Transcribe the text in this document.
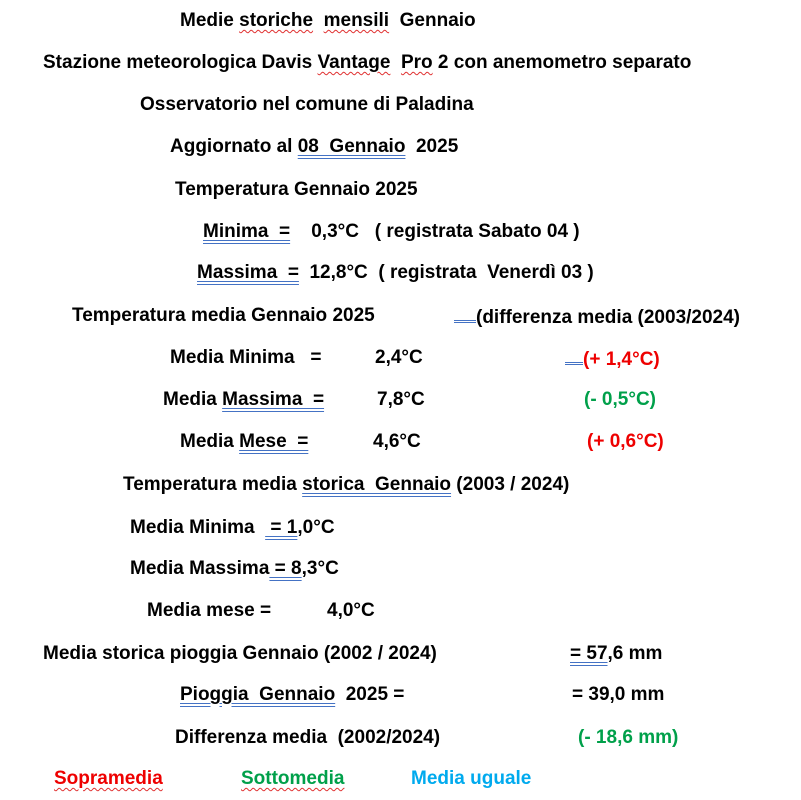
Medie storiche mensili  Gennaio
Stazione meteorologica Davis Vantage Pro 2 con anemometro separato
Osservatorio nel comune di Paladina
Aggiornato al 08  Gennaio  2025
Temperatura Gennaio 2025
Minima  =    0,3°C   ( registrata Sabato 04 )
Massima  =  12,8°C  ( registrata  Venerdì 03 )
Temperatura media Gennaio 2025	(differenza media (2003/2024)
Media Minima   =	2,4°C	(+ 1,4°C)
Media Massima  =	7,8°C	(- 0,5°C)
Media Mese  =	4,6°C	(+ 0,6°C)
Temperatura media storica  Gennaio (2003 / 2024)
Media Minima   = 1,0°C
Media Massima = 8,3°C
Media mese =	4,0°C
Media storica pioggia Gennaio (2002 / 2024)	= 57,6 mm
Pioggia  Gennaio  2025 =	= 39,0 mm
Differenza media  (2002/2024)	(- 18,6 mm)
Sopramedia	Sottomedia	Media uguale
